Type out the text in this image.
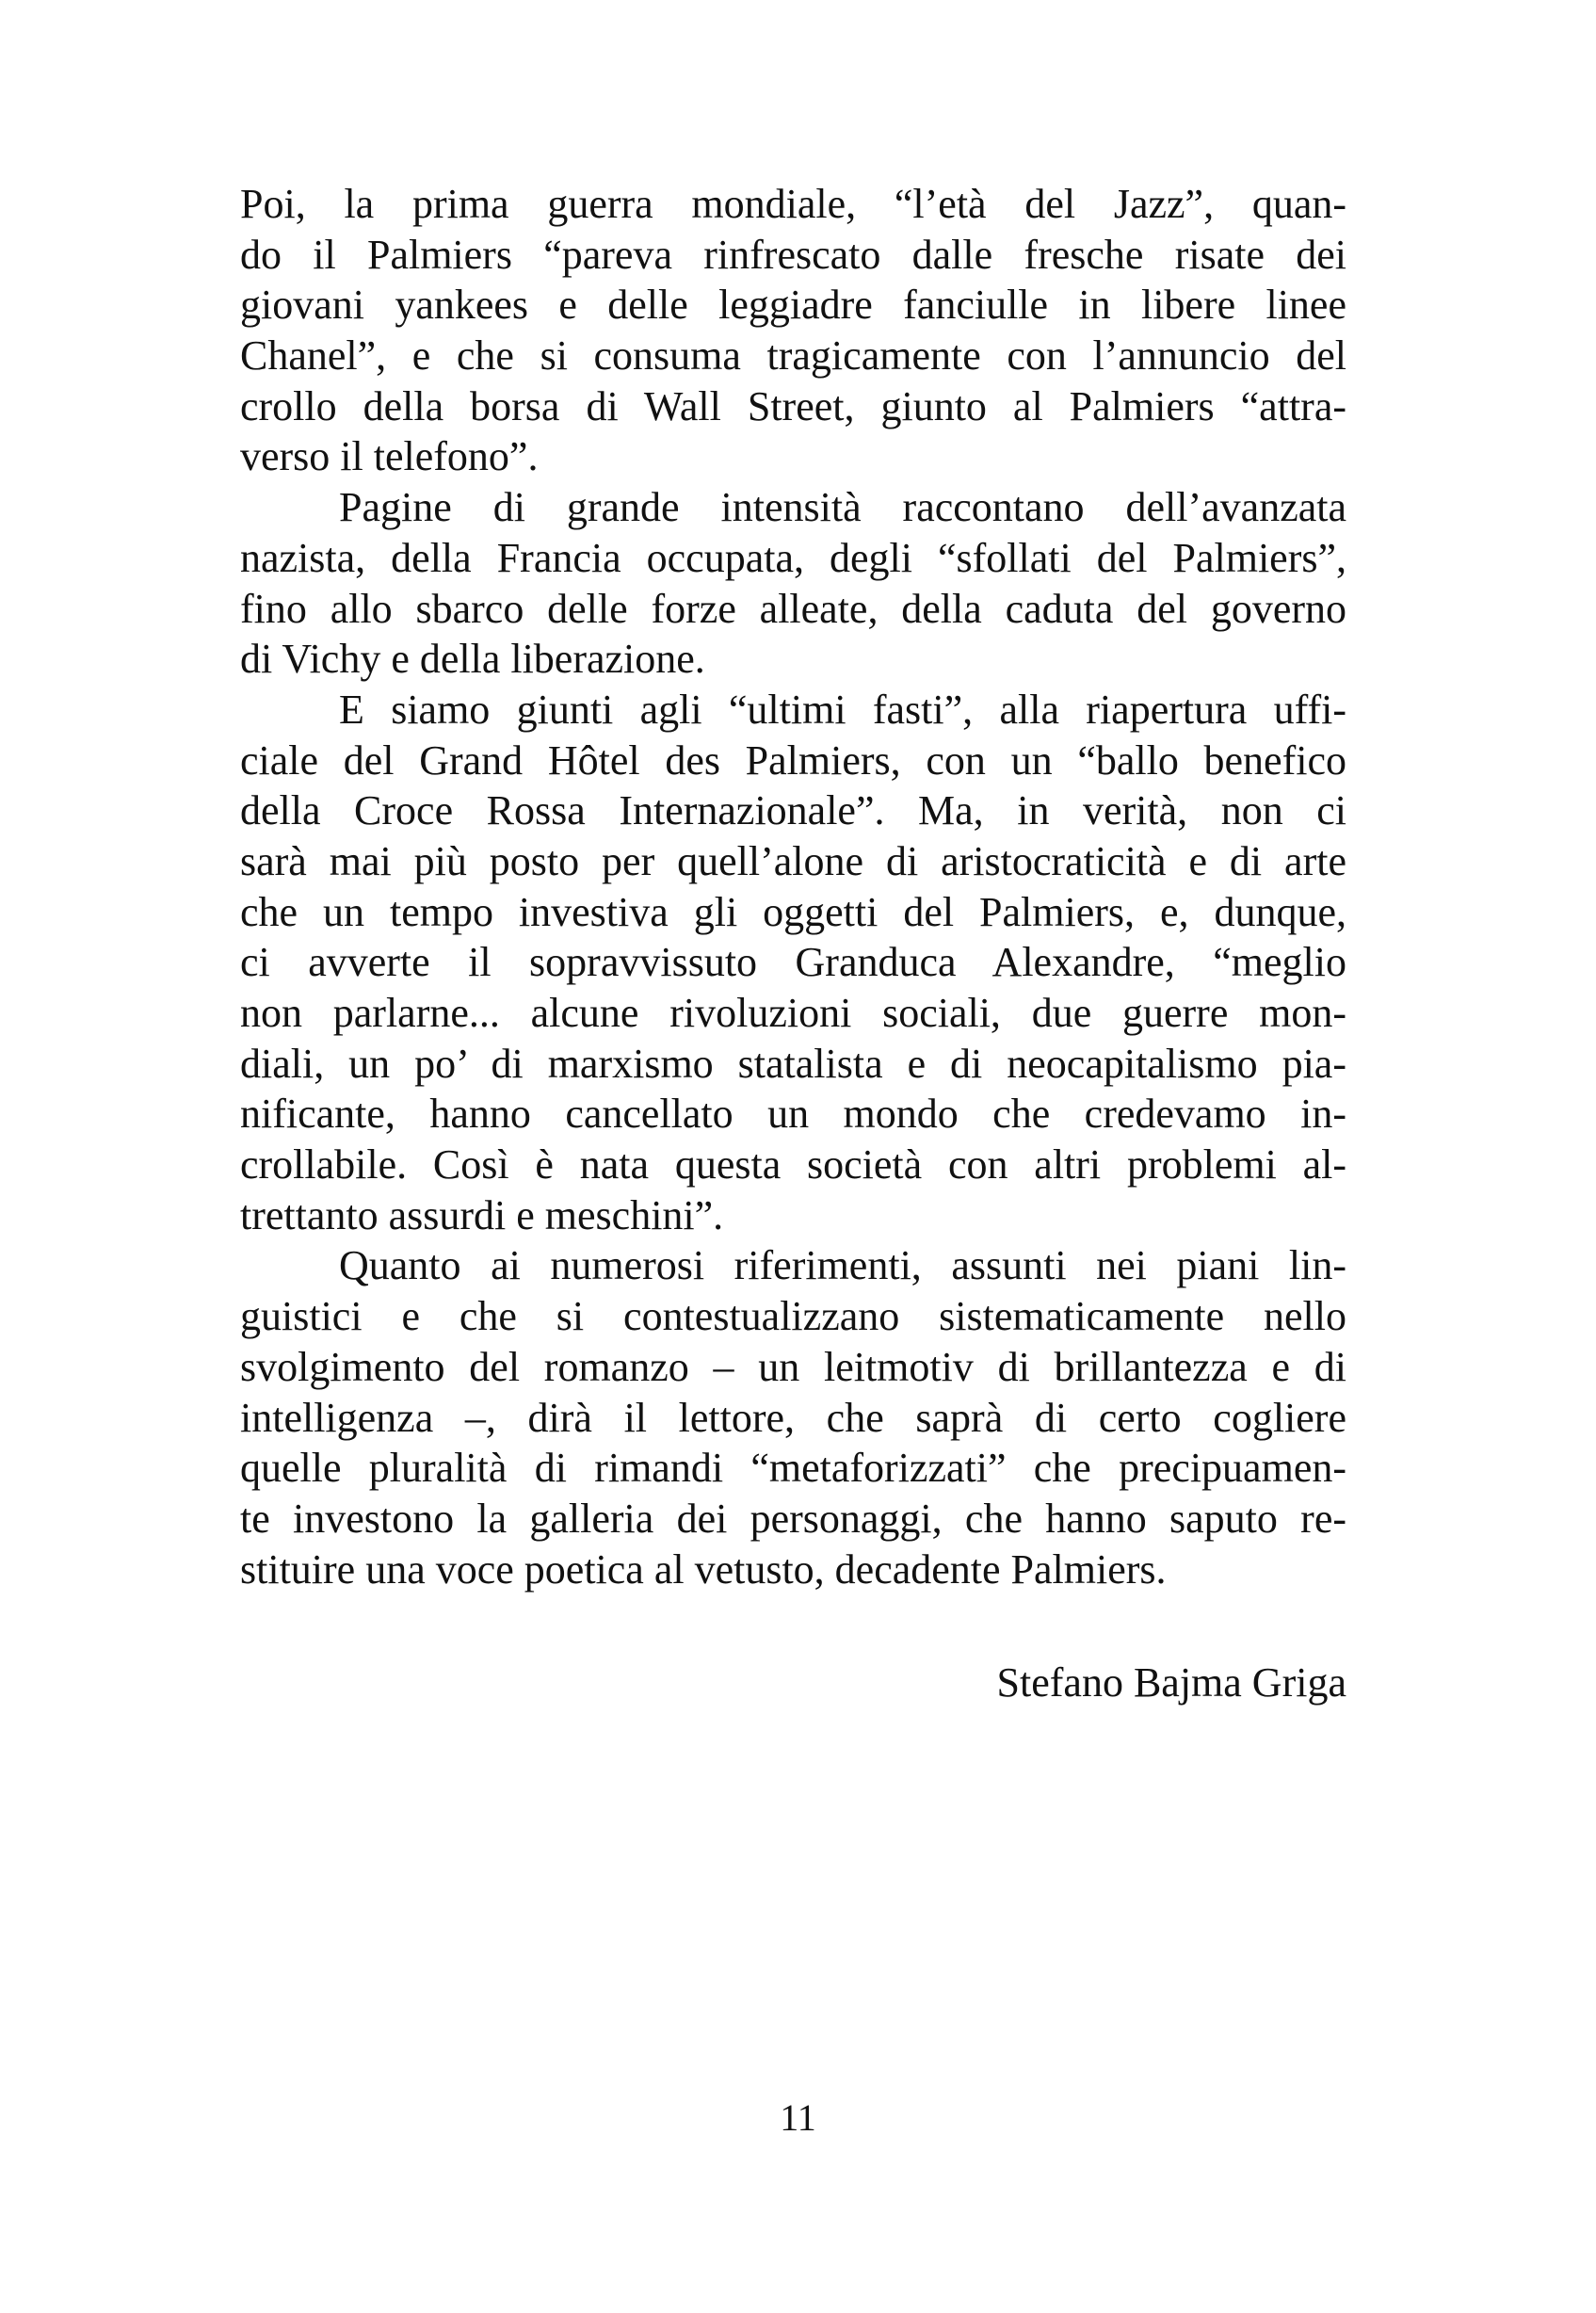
Poi, la prima guerra mondiale, “l’età del Jazz”, quan-
do il Palmiers “pareva rinfrescato dalle fresche risate dei
giovani yankees e delle leggiadre fanciulle in libere linee
Chanel”, e che si consuma tragicamente con l’annuncio del
crollo della borsa di Wall Street, giunto al Palmiers “attra-
verso il telefono”.
Pagine di grande intensità raccontano dell’avanzata
nazista, della Francia occupata, degli “sfollati del Palmiers”,
fino allo sbarco delle forze alleate, della caduta del governo
di Vichy e della liberazione.
E siamo giunti agli “ultimi fasti”, alla riapertura uffi-
ciale del Grand Hôtel des Palmiers, con un “ballo benefico
della Croce Rossa Internazionale”. Ma, in verità, non ci
sarà mai più posto per quell’alone di aristocraticità e di arte
che un tempo investiva gli oggetti del Palmiers, e, dunque,
ci avverte il sopravvissuto Granduca Alexandre, “meglio
non parlarne... alcune rivoluzioni sociali, due guerre mon-
diali, un po’ di marxismo statalista e di neocapitalismo pia-
nificante, hanno cancellato un mondo che credevamo in-
crollabile. Così è nata questa società con altri problemi al-
trettanto assurdi e meschini”.
Quanto ai numerosi riferimenti, assunti nei piani lin-
guistici e che si contestualizzano sistematicamente nello
svolgimento del romanzo – un leitmotiv di brillantezza e di
intelligenza –, dirà il lettore, che saprà di certo cogliere
quelle pluralità di rimandi “metaforizzati” che precipuamen-
te investono la galleria dei personaggi, che hanno saputo re-
stituire una voce poetica al vetusto, decadente Palmiers.
Stefano Bajma Griga
11
